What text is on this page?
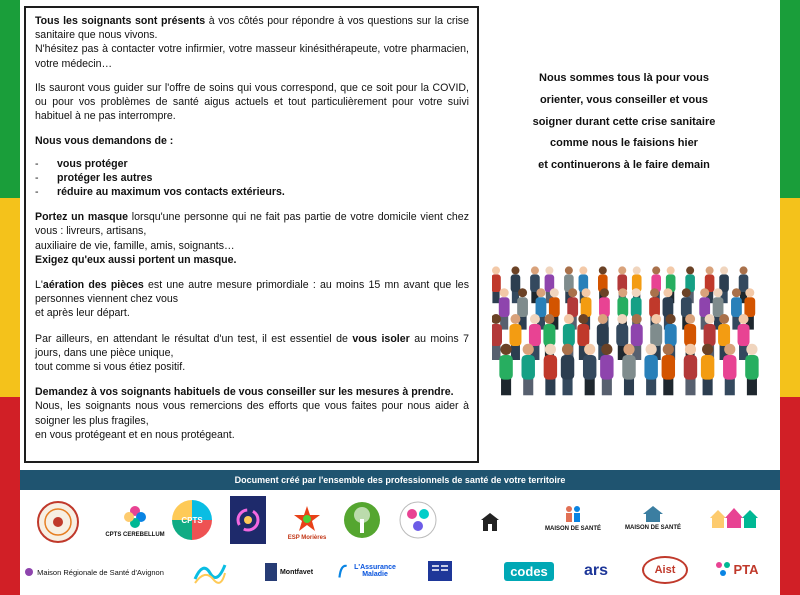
Tous les soignants sont présents à vos côtés pour répondre à vos questions sur la crise sanitaire que nous vivons.
N'hésitez pas à contacter votre infirmier, votre masseur kinésithérapeute, votre pharmacien, votre médecin…

Ils sauront vous guider sur l'offre de soins qui vous correspond, que ce soit pour la COVID, ou pour vos problèmes de santé aigus actuels et tout particulièrement pour votre suivi habituel à ne pas interrompre.

Nous vous demandons de :

-	vous protéger
-	protéger les autres
-	réduire au maximum vos contacts extérieurs.

Portez un masque lorsqu'une personne qui ne fait pas partie de votre domicile vient chez vous : livreurs, artisans,
auxiliaire de vie, famille, amis, soignants…
Exigez qu'eux aussi portent un masque.

L'aération des pièces est une autre mesure primordiale : au moins 15 mn avant que les personnes viennent chez vous
et après leur départ.

Par ailleurs, en attendant le résultat d'un test, il est essentiel de vous isoler au moins 7 jours, dans une pièce unique,
tout comme si vous étiez positif.

Demandez à vos soignants habituels de vous conseiller sur les mesures à prendre.
Nous, les soignants nous vous remercions des efforts que vous faites pour nous aider à soigner les plus fragiles,
en vous protégeant et en nous protégeant.

Nous sommes tous là pour vous
orienter, vous conseiller et vous
soigner durant cette crise sanitaire
comme nous le faisions hier
et continuerons à le faire demain
Document créé par l'ensemble des professionnels de santé de votre territoire
CPTS CEREBELLUM
CPTS
ESP Morières
MAISON DE SANTÉ	MAISON DE SANTÉ
Maison Régionale de Santé d'Avignon	Montfavet
L'Assurance Maladie	codes	ars	Aist	PTA
